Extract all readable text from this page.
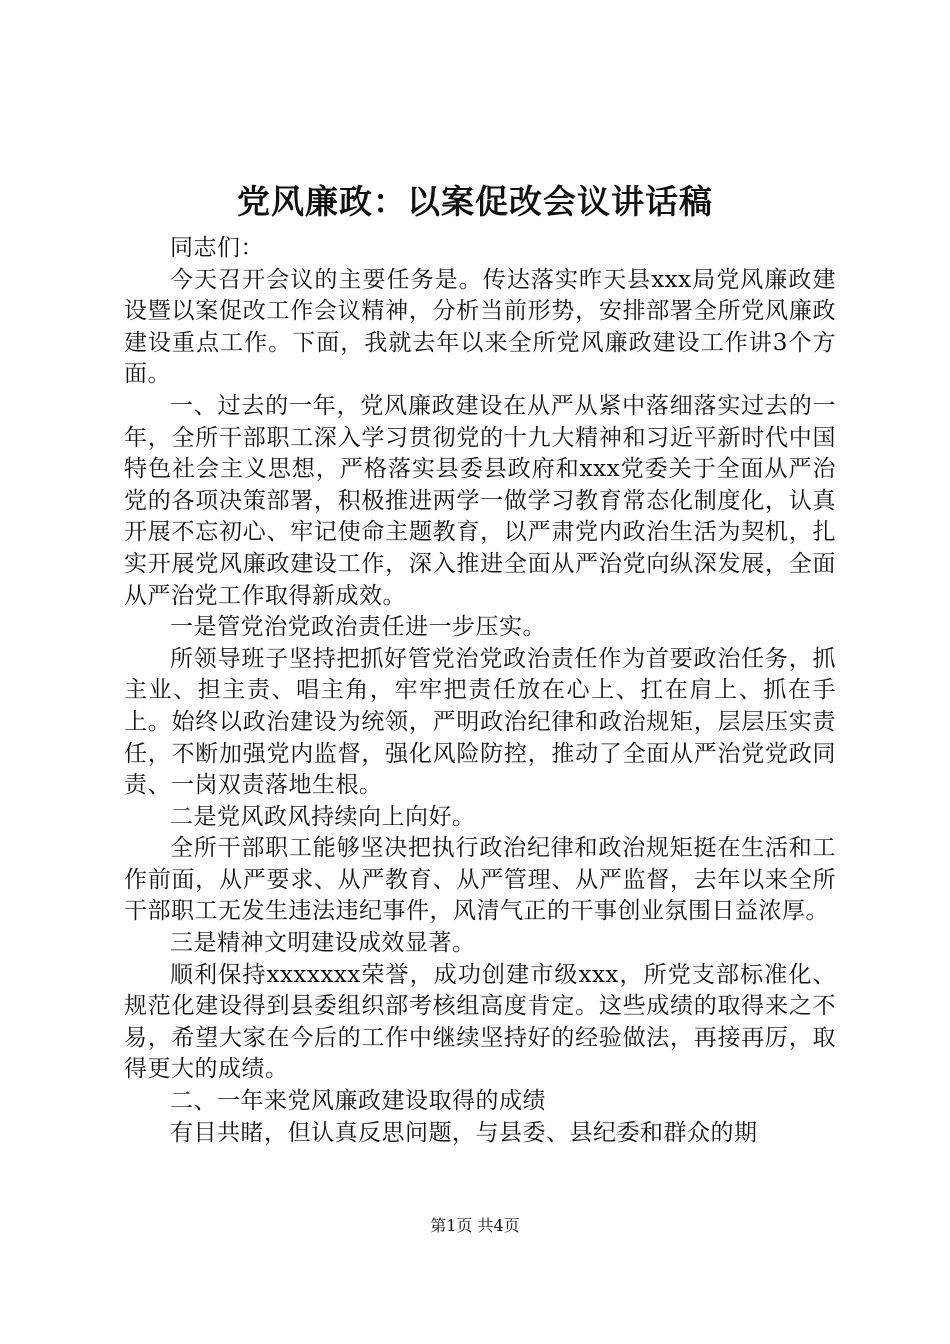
党风廉政：以案促改会议讲话稿

同志们：

今天召开会议的主要任务是。传达落实昨天县xxx局党风廉政建设暨以案促改工作会议精神，分析当前形势，安排部署全所党风廉政建设重点工作。下面，我就去年以来全所党风廉政建设工作讲3个方面。

一、过去的一年，党风廉政建设在从严从紧中落细落实过去的一年，全所干部职工深入学习贯彻党的十九大精神和习近平新时代中国特色社会主义思想，严格落实县委县政府和xxx党委关于全面从严治党的各项决策部署，积极推进两学一做学习教育常态化制度化，认真开展不忘初心、牢记使命主题教育，以严肃党内政治生活为契机，扎实开展党风廉政建设工作，深入推进全面从严治党向纵深发展，全面从严治党工作取得新成效。

一是管党治党政治责任进一步压实。

所领导班子坚持把抓好管党治党政治责任作为首要政治任务，抓主业、担主责、唱主角，牢牢把责任放在心上、扛在肩上、抓在手上。始终以政治建设为统领，严明政治纪律和政治规矩，层层压实责任，不断加强党内监督，强化风险防控，推动了全面从严治党党政同责、一岗双责落地生根。

二是党风政风持续向上向好。

全所干部职工能够坚决把执行政治纪律和政治规矩挺在生活和工作前面，从严要求、从严教育、从严管理、从严监督，去年以来全所干部职工无发生违法违纪事件，风清气正的干事创业氛围日益浓厚。

三是精神文明建设成效显著。

顺利保持xxxxxxx荣誉，成功创建市级xxx，所党支部标准化、规范化建设得到县委组织部考核组高度肯定。这些成绩的取得来之不易，希望大家在今后的工作中继续坚持好的经验做法，再接再厉，取得更大的成绩。

二、一年来党风廉政建设取得的成绩

有目共睹，但认真反思问题，与县委、县纪委和群众的期

第1页 共4页
